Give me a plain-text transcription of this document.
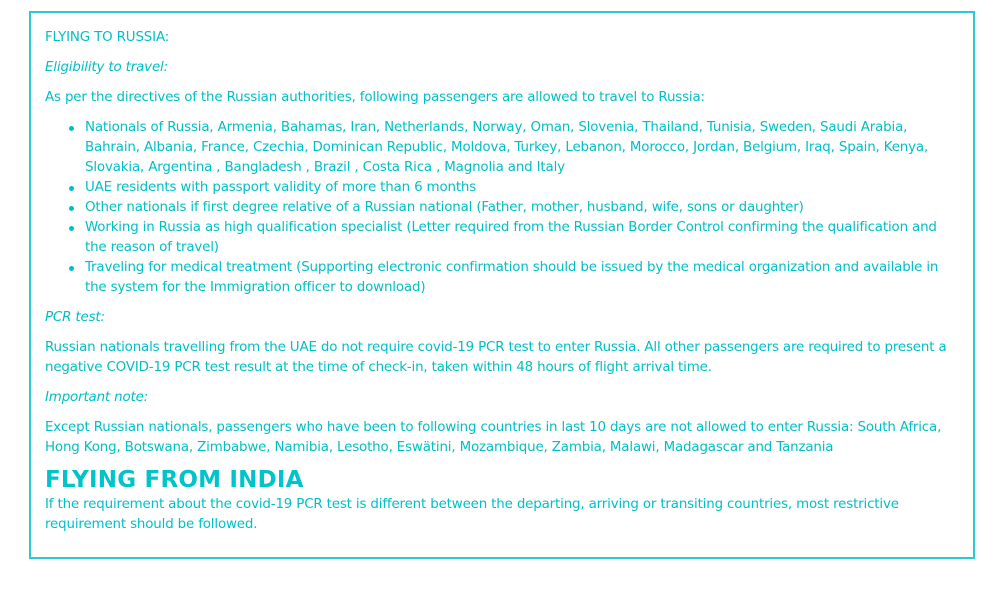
FLYING TO RUSSIA:
Eligibility to travel:
As per the directives of the Russian authorities, following passengers are allowed to travel to Russia:
Nationals of Russia, Armenia, Bahamas, Iran, Netherlands, Norway, Oman, Slovenia, Thailand, Tunisia, Sweden, Saudi Arabia,
Bahrain, Albania, France, Czechia, Dominican Republic, Moldova, Turkey, Lebanon, Morocco, Jordan, Belgium, Iraq, Spain, Kenya,
Slovakia, Argentina , Bangladesh , Brazil , Costa Rica , Magnolia and Italy
UAE residents with passport validity of more than 6 months
Other nationals if first degree relative of a Russian national (Father, mother, husband, wife, sons or daughter)
Working in Russia as high qualification specialist (Letter required from the Russian Border Control confirming the qualification and
the reason of travel)
Traveling for medical treatment (Supporting electronic confirmation should be issued by the medical organization and available in
the system for the Immigration officer to download)
PCR test:
Russian nationals travelling from the UAE do not require covid-19 PCR test to enter Russia. All other passengers are required to present a
negative COVID-19 PCR test result at the time of check-in, taken within 48 hours of flight arrival time.
Important note:
Except Russian nationals, passengers who have been to following countries in last 10 days are not allowed to enter Russia: South Africa,
Hong Kong, Botswana, Zimbabwe, Namibia, Lesotho, Eswätini, Mozambique, Zambia, Malawi, Madagascar and Tanzania
FLYING FROM INDIA
If the requirement about the covid-19 PCR test is different between the departing, arriving or transiting countries, most restrictive
requirement should be followed.
